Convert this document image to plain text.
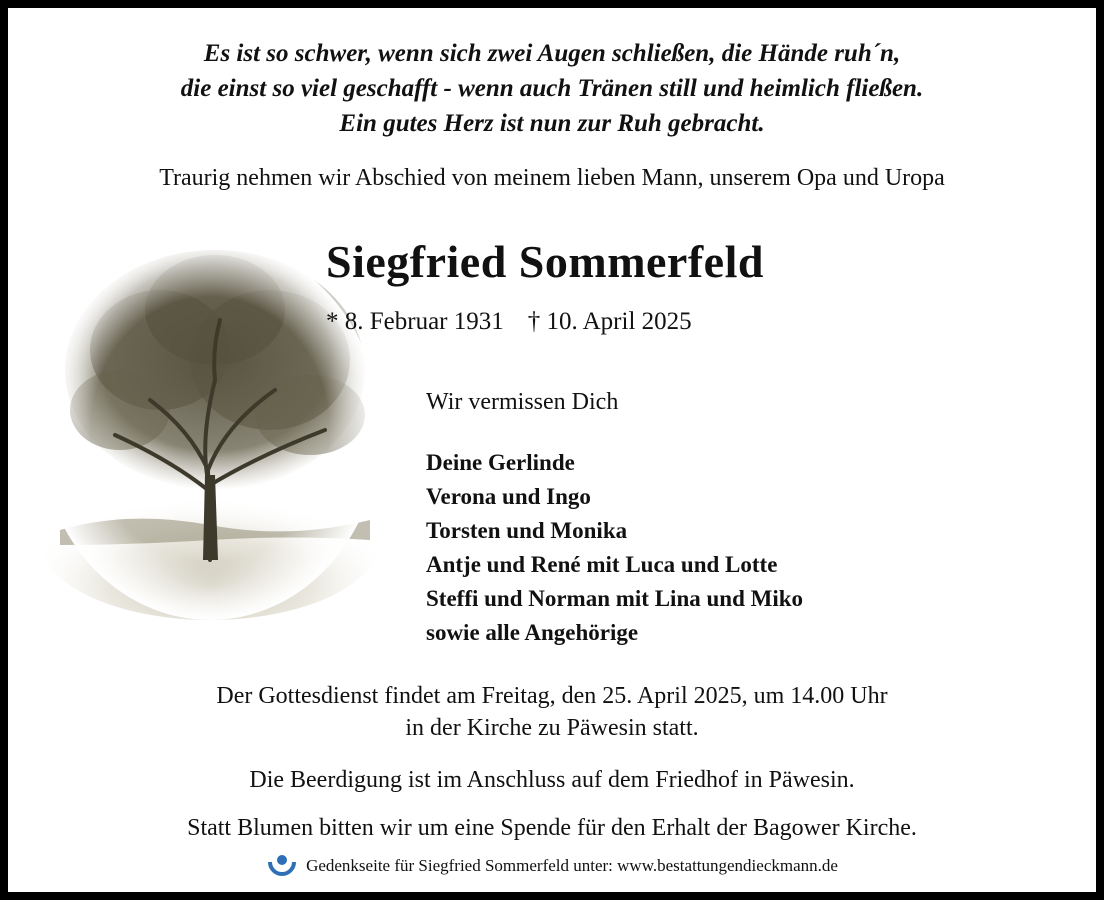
Es ist so schwer, wenn sich zwei Augen schließen, die Hände ruh´n,
die einst so viel geschafft - wenn auch Tränen still und heimlich fließen.
Ein gutes Herz ist nun zur Ruh gebracht.
Traurig nehmen wir Abschied von meinem lieben Mann, unserem Opa und Uropa
Siegfried Sommerfeld
* 8. Februar 1931 † 10. April 2025
Wir vermissen Dich
Deine Gerlinde
Verona und Ingo
Torsten und Monika
Antje und René mit Luca und Lotte
Steffi und Norman mit Lina und Miko
sowie alle Angehörige
Der Gottesdienst findet am Freitag, den 25. April 2025, um 14.00 Uhr
in der Kirche zu Päwesin statt.
Die Beerdigung ist im Anschluss auf dem Friedhof in Päwesin.
Statt Blumen bitten wir um eine Spende für den Erhalt der Bagower Kirche.
Gedenkseite für Siegfried Sommerfeld unter: www.bestattungendieckmann.de
